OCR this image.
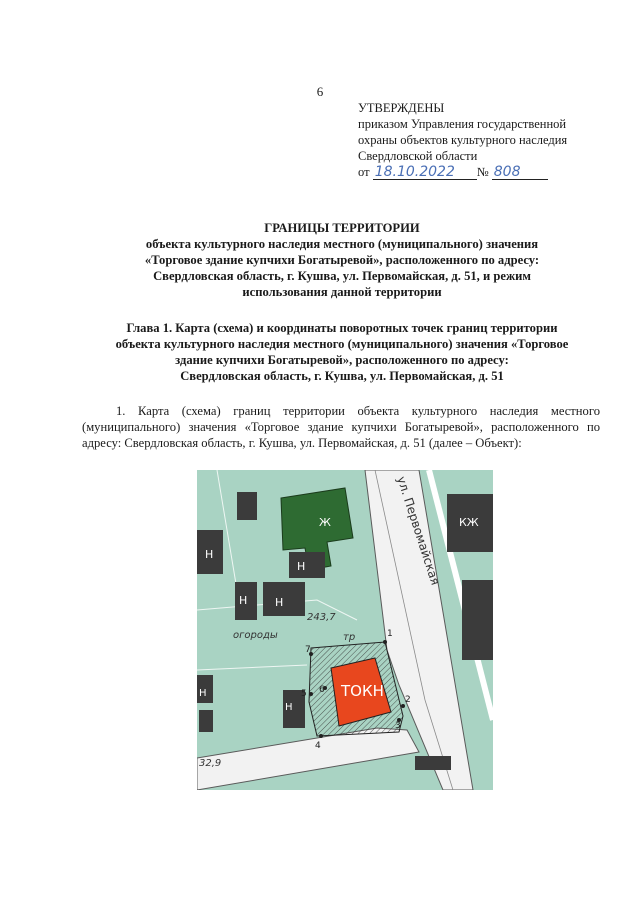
6
УТВЕРЖДЕНЫ
приказом Управления государственной
охраны объектов культурного наследия
Свердловской области
от 18.10.2022 № 808
ГРАНИЦЫ ТЕРРИТОРИИ
объекта культурного наследия местного (муниципального) значения
«Торговое здание купчихи Богатыревой», расположенного по адресу:
Свердловская область, г. Кушва, ул. Первомайская, д. 51, и режим
использования данной территории
Глава 1. Карта (схема) и координаты поворотных точек границ территории
объекта культурного наследия местного (муниципального) значения «Торговое
здание купчихи Богатыревой», расположенного по адресу:
Свердловская область, г. Кушва, ул. Первомайская, д. 51
1. Карта (схема) границ территории объекта культурного наследия местного (муниципального) значения «Торговое здание купчихи Богатыревой», расположенного по адресу: Свердловская область, г. Кушва, ул. Первомайская, д. 51 (далее – Объект):
ул. Первомайская
Ж
Н
Н	Н
Н
Н
Н
КЖ
243,7
огороды	тр
32,9
ТОКН
1
2
3
4
5 6
7
